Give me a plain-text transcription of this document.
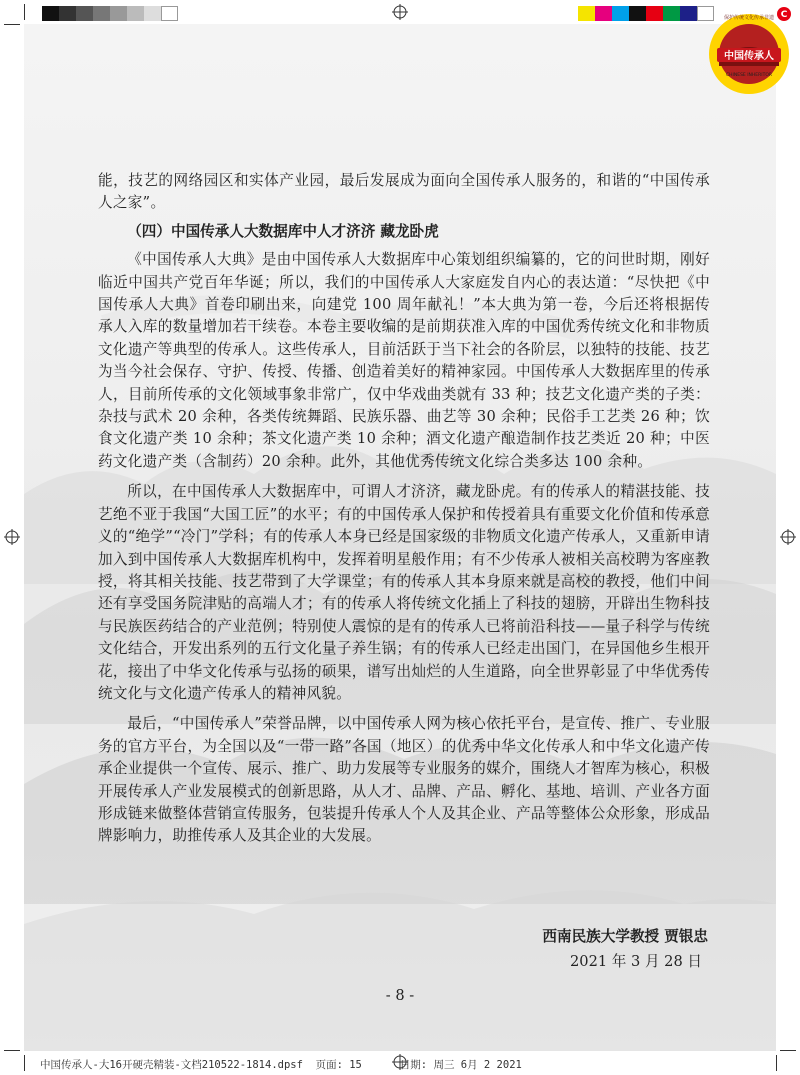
中国传承人
CHINESE INHERITOR
保护传统文化传承非遗 C

能，技艺的网络园区和实体产业园，最后发展成为面向全国传承人服务的，和谐的“中国传承人之家”。

（四）中国传承人大数据库中人才济济 藏龙卧虎

《中国传承人大典》是由中国传承人大数据库中心策划组织编纂的，它的问世时期，刚好临近中国共产党百年华诞；所以，我们的中国传承人大家庭发自内心的表达道：“尽快把《中国传承人大典》首卷印刷出来，向建党 100 周年献礼！”本大典为第一卷，今后还将根据传承人入库的数量增加若干续卷。本卷主要收编的是前期获准入库的中国优秀传统文化和非物质文化遗产等典型的传承人。这些传承人，目前活跃于当下社会的各阶层，以独特的技能、技艺为当今社会保存、守护、传授、传播、创造着美好的精神家园。中国传承人大数据库里的传承人，目前所传承的文化领域事象非常广，仅中华戏曲类就有 33 种；技艺文化遗产类的子类：杂技与武术 20 余种，各类传统舞蹈、民族乐器、曲艺等 30 余种；民俗手工艺类 26 种；饮食文化遗产类 10 余种；茶文化遗产类 10 余种；酒文化遗产酿造制作技艺类近 20 种；中医药文化遗产类（含制药）20 余种。此外，其他优秀传统文化综合类多达 100 余种。

所以，在中国传承人大数据库中，可谓人才济济，藏龙卧虎。有的传承人的精湛技能、技艺绝不亚于我国“大国工匠”的水平；有的中国传承人保护和传授着具有重要文化价值和传承意义的“绝学”“冷门”学科；有的传承人本身已经是国家级的非物质文化遗产传承人，又重新申请加入到中国传承人大数据库机构中，发挥着明星般作用；有不少传承人被相关高校聘为客座教授，将其相关技能、技艺带到了大学课堂；有的传承人其本身原来就是高校的教授，他们中间还有享受国务院津贴的高端人才；有的传承人将传统文化插上了科技的翅膀，开辟出生物科技与民族医药结合的产业范例；特别使人震惊的是有的传承人已将前沿科技——量子科学与传统文化结合，开发出系列的五行文化量子养生锅；有的传承人已经走出国门，在异国他乡生根开花，接出了中华文化传承与弘扬的硕果，谱写出灿烂的人生道路，向全世界彰显了中华优秀传统文化与文化遗产传承人的精神风貌。

最后，“中国传承人”荣誉品牌，以中国传承人网为核心依托平台，是宣传、推广、专业服务的官方平台，为全国以及“一带一路”各国（地区）的优秀中华文化传承人和中华文化遗产传承企业提供一个宣传、展示、推广、助力发展等专业服务的媒介，围绕人才智库为核心，积极开展传承人产业发展模式的创新思路，从人才、品牌、产品、孵化、基地、培训、产业各方面形成链来做整体营销宣传服务，包装提升传承人个人及其企业、产品等整体公众形象，形成品牌影响力，助推传承人及其企业的大发展。

西南民族大学教授 贾银忠
2021 年 3 月 28 日
- 8 -
中国传承人-大16开硬壳精装-文档210522-1814.dpsf  页面: 15	日期: 周三 6月 2 2021
